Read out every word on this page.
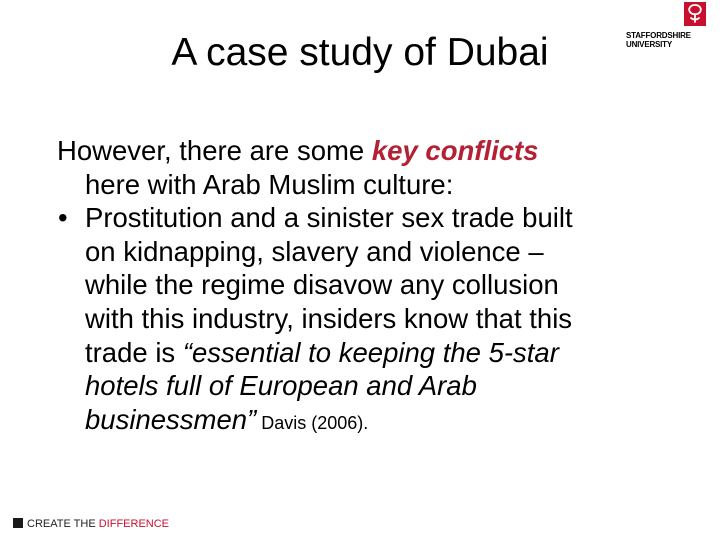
A case study of Dubai	STAFFORDSHIRE
UNIVERSITY
However, there are some key conflicts
here with Arab Muslim culture:
• Prostitution and a sinister sex trade built
on kidnapping, slavery and violence –
while the regime disavow any collusion
with this industry, insiders know that this
trade is “essential to keeping the 5-star
hotels full of European and Arab
businessmen” Davis (2006).
CREATE THE DIFFERENCE
